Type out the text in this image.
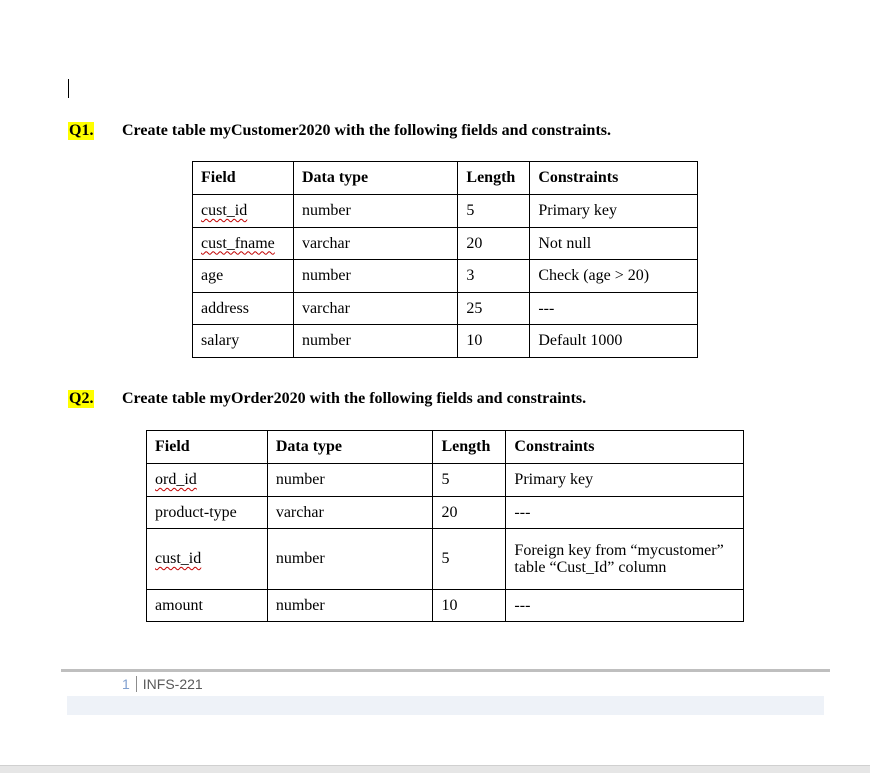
Q1. Create table myCustomer2020 with the following fields and constraints.
Field	Data type	Length	Constraints
cust_id	number	5	Primary key
cust_fname	varchar	20	Not null
age	number	3	Check (age > 20)
address	varchar	25	---
salary	number	10	Default 1000
Q2. Create table myOrder2020 with the following fields and constraints.
Field	Data type	Length	Constraints
ord_id	number	5	Primary key
product-type	varchar	20	---
cust_id	number	5	Foreign key from “mycustomer” table “Cust_Id” column
amount	number	10	---
1 INFS-221
